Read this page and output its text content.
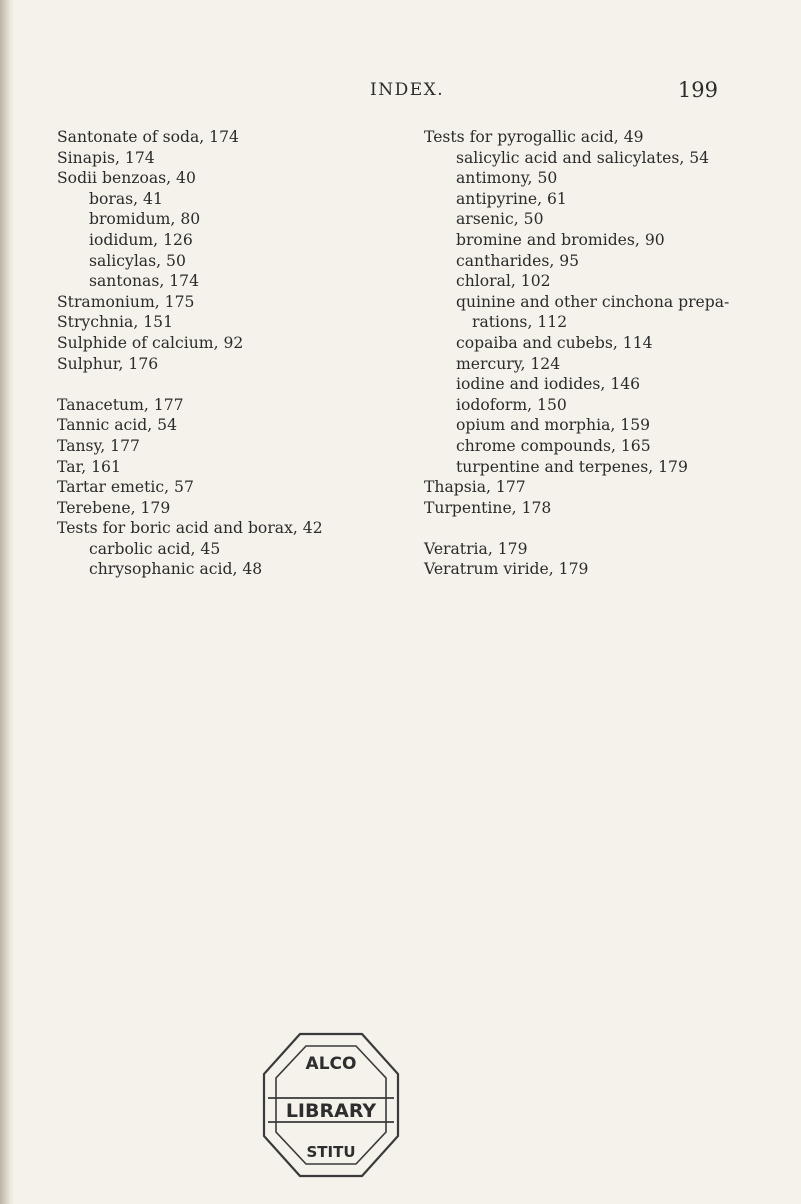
INDEX.	199
Santonate of soda, 174
Sinapis, 174
Sodii benzoas, 40
boras, 41
bromidum, 80
iodidum, 126
salicylas, 50
santonas, 174
Stramonium, 175
Strychnia, 151
Sulphide of calcium, 92
Sulphur, 176
Tanacetum, 177
Tannic acid, 54
Tansy, 177
Tar, 161
Tartar emetic, 57
Terebene, 179
Tests for boric acid and borax, 42
carbolic acid, 45
chrysophanic acid, 48
Tests for pyrogallic acid, 49
salicylic acid and salicylates, 54
antimony, 50
antipyrine, 61
arsenic, 50
bromine and bromides, 90
cantharides, 95
chloral, 102
quinine and other cinchona prepa-
rations, 112
copaiba and cubebs, 114
mercury, 124
iodine and iodides, 146
iodoform, 150
opium and morphia, 159
chrome compounds, 165
turpentine and terpenes, 179
Thapsia, 177
Turpentine, 178
Veratria, 179
Veratrum viride, 179
ALCO
LIBRARY
STITU
